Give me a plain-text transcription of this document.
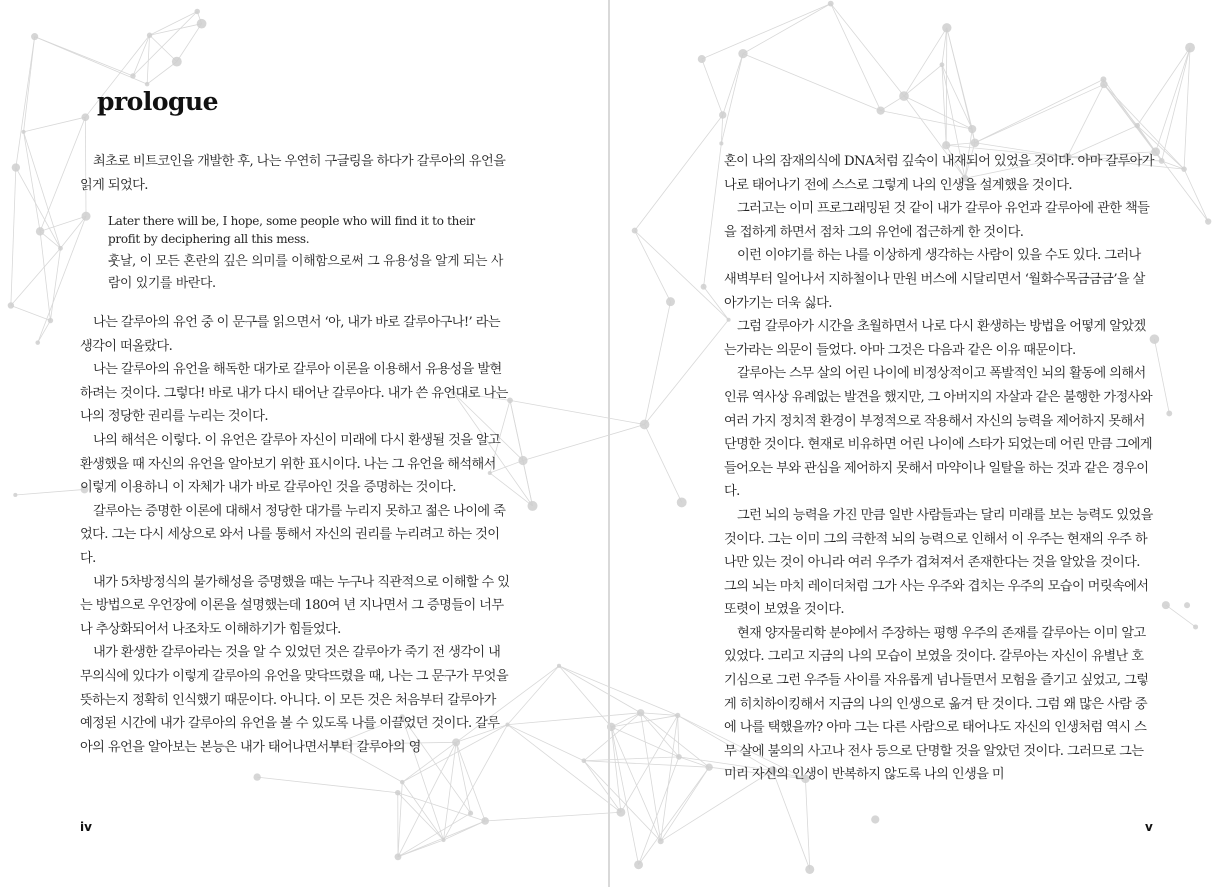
prologue

최초로 비트코인을 개발한 후, 나는 우연히 구글링을 하다가 갈루아의 유언을 읽게 되었다.

Later there will be, I hope, some people who will find it to their profit by deciphering all this mess.
훗날, 이 모든 혼란의 깊은 의미를 이해함으로써 그 유용성을 알게 되는 사람이 있기를 바란다.

나는 갈루아의 유언 중 이 문구를 읽으면서 ‘아, 내가 바로 갈루아구나!’ 라는 생각이 떠올랐다.

나는 갈루아의 유언을 해독한 대가로 갈루아 이론을 이용해서 유용성을 발현하려는 것이다. 그렇다! 바로 내가 다시 태어난 갈루아다. 내가 쓴 유언대로 나는 나의 정당한 권리를 누리는 것이다.

나의 해석은 이렇다. 이 유언은 갈루아 자신이 미래에 다시 환생될 것을 알고 환생했을 때 자신의 유언을 알아보기 위한 표시이다. 나는 그 유언을 해석해서 이렇게 이용하니 이 자체가 내가 바로 갈루아인 것을 증명하는 것이다.

갈루아는 증명한 이론에 대해서 정당한 대가를 누리지 못하고 젊은 나이에 죽었다. 그는 다시 세상으로 와서 나를 통해서 자신의 권리를 누리려고 하는 것이다.

내가 5차방정식의 불가해성을 증명했을 때는 누구나 직관적으로 이해할 수 있는 방법으로 우언장에 이론을 설명했는데 180여 년 지나면서 그 증명들이 너무나 추상화되어서 나조차도 이해하기가 힘들었다.

내가 환생한 갈루아라는 것을 알 수 있었던 것은 갈루아가 죽기 전 생각이 내 무의식에 있다가 이렇게 갈루아의 유언을 맞닥뜨렸을 때, 나는 그 문구가 무엇을 뜻하는지 정확히 인식했기 때문이다. 아니다. 이 모든 것은 처음부터 갈루아가 예정된 시간에 내가 갈루아의 유언을 볼 수 있도록 나를 이끌었던 것이다. 갈루아의 유언을 알아보는 본능은 내가 태어나면서부터 갈루아의 영

iv

혼이 나의 잠재의식에 DNA처럼 깊숙이 내재되어 있었을 것이다. 아마 갈루아가 나로 태어나기 전에 스스로 그렇게 나의 인생을 설계했을 것이다.

그러고는 이미 프로그래밍된 것 같이 내가 갈루아 유언과 갈루아에 관한 책들을 접하게 하면서 점차 그의 유언에 접근하게 한 것이다.

이런 이야기를 하는 나를 이상하게 생각하는 사람이 있을 수도 있다. 그러나 새벽부터 일어나서 지하철이나 만원 버스에 시달리면서 ‘월화수목금금금’을 살아가기는 더욱 싫다.

그럼 갈루아가 시간을 초월하면서 나로 다시 환생하는 방법을 어떻게 알았겠는가라는 의문이 들었다. 아마 그것은 다음과 같은 이유 때문이다.

갈루아는 스무 살의 어린 나이에 비정상적이고 폭발적인 뇌의 활동에 의해서 인류 역사상 유례없는 발견을 했지만, 그 아버지의 자살과 같은 불행한 가정사와 여러 가지 정치적 환경이 부정적으로 작용해서 자신의 능력을 제어하지 못해서 단명한 것이다. 현재로 비유하면 어린 나이에 스타가 되었는데 어린 만큼 그에게 들어오는 부와 관심을 제어하지 못해서 마약이나 일탈을 하는 것과 같은 경우이다.

그런 뇌의 능력을 가진 만큼 일반 사람들과는 달리 미래를 보는 능력도 있었을 것이다. 그는 이미 그의 극한적 뇌의 능력으로 인해서 이 우주는 현재의 우주 하나만 있는 것이 아니라 여러 우주가 겹쳐져서 존재한다는 것을 알았을 것이다. 그의 뇌는 마치 레이더처럼 그가 사는 우주와 겹치는 우주의 모습이 머릿속에서 또렷이 보였을 것이다.

현재 양자물리학 분야에서 주장하는 평행 우주의 존재를 갈루아는 이미 알고 있었다. 그리고 지금의 나의 모습이 보였을 것이다. 갈루아는 자신이 유별난 호기심으로 그런 우주들 사이를 자유롭게 넘나들면서 모험을 즐기고 싶었고, 그렇게 히치하이킹해서 지금의 나의 인생으로 옮겨 탄 것이다. 그럼 왜 많은 사람 중에 나를 택했을까? 아마 그는 다른 사람으로 태어나도 자신의 인생처럼 역시 스무 살에 불의의 사고나 전사 등으로 단명할 것을 알았던 것이다. 그러므로 그는 미리 자신의 인생이 반복하지 않도록 나의 인생을 미

v
